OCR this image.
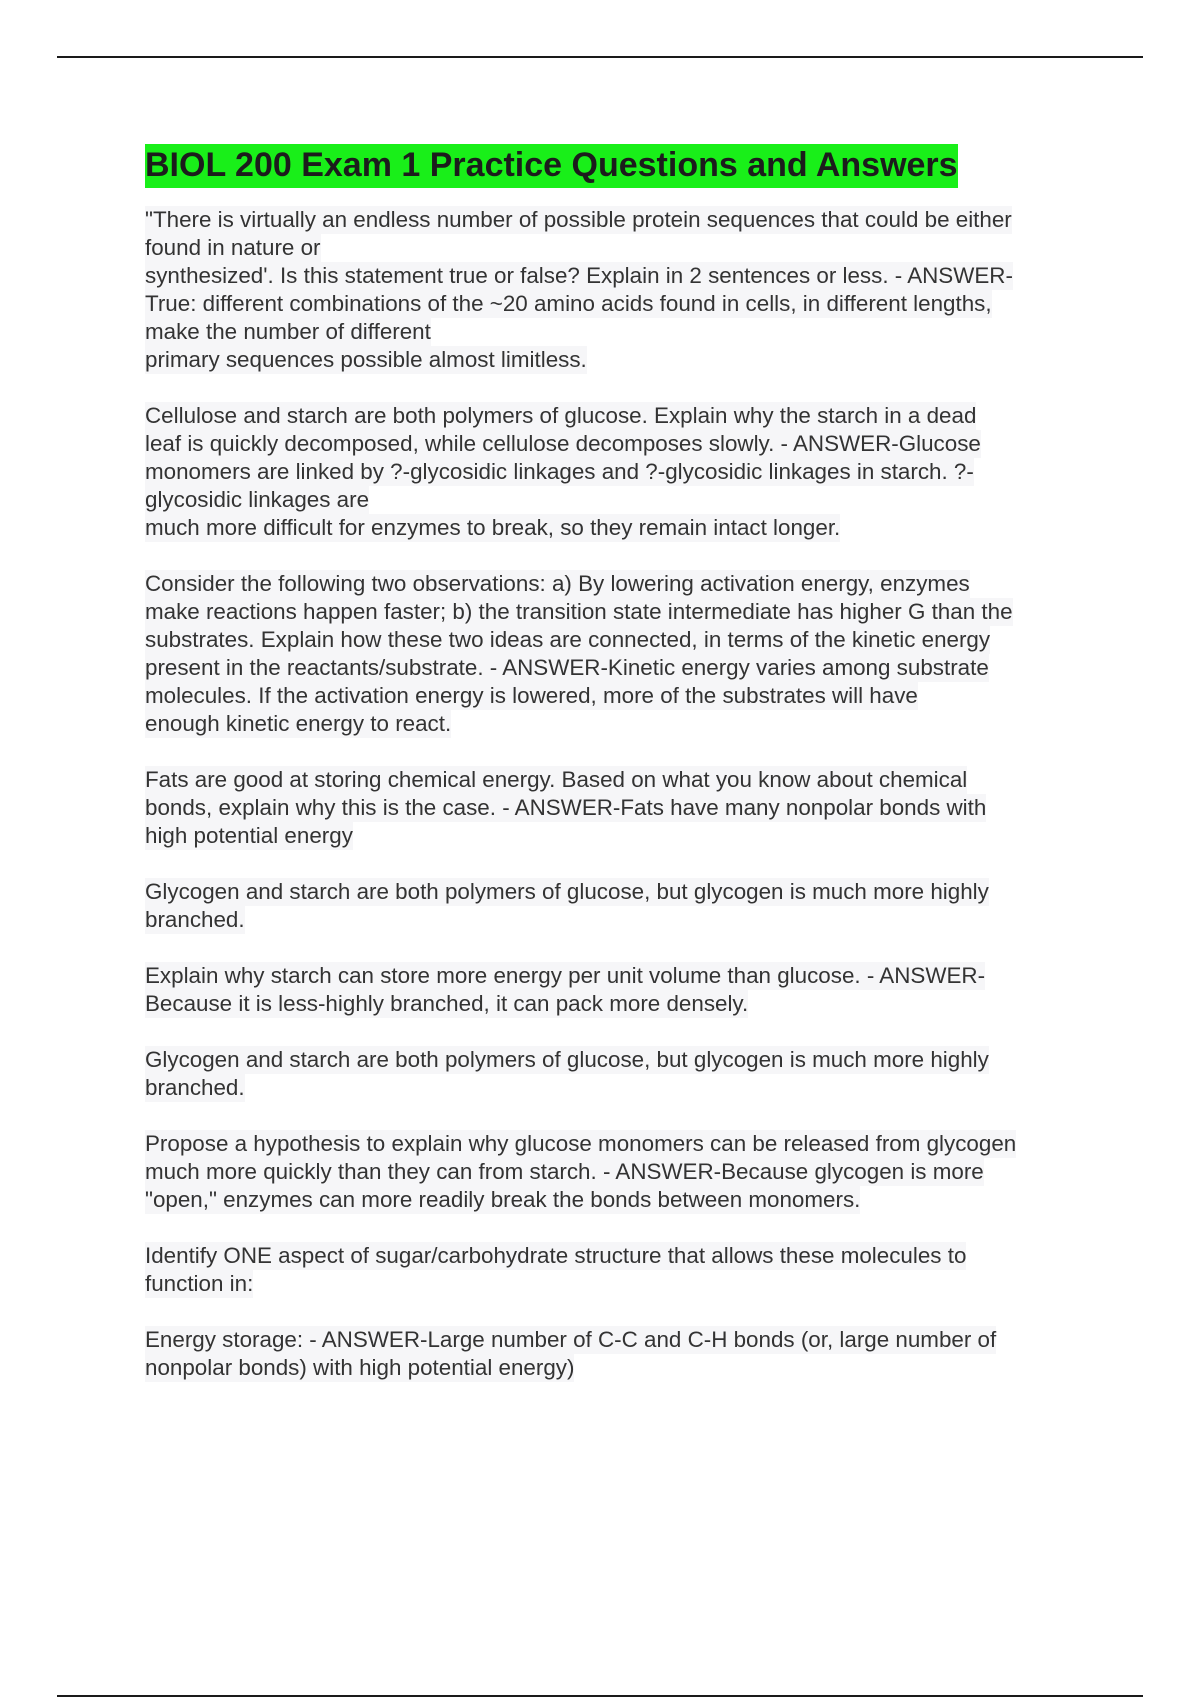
BIOL 200 Exam 1 Practice Questions and Answers

"There is virtually an endless number of possible protein sequences that could be either
found in nature or
synthesized'. Is this statement true or false? Explain in 2 sentences or less. - ANSWER-
True: different combinations of the ~20 amino acids found in cells, in different lengths,
make the number of different
primary sequences possible almost limitless.

Cellulose and starch are both polymers of glucose. Explain why the starch in a dead
leaf is quickly decomposed, while cellulose decomposes slowly. - ANSWER-Glucose
monomers are linked by ?-glycosidic linkages and ?-glycosidic linkages in starch. ?-
glycosidic linkages are
much more difficult for enzymes to break, so they remain intact longer.

Consider the following two observations: a) By lowering activation energy, enzymes
make reactions happen faster; b) the transition state intermediate has higher G than the
substrates. Explain how these two ideas are connected, in terms of the kinetic energy
present in the reactants/substrate. - ANSWER-Kinetic energy varies among substrate
molecules. If the activation energy is lowered, more of the substrates will have
enough kinetic energy to react.

Fats are good at storing chemical energy. Based on what you know about chemical
bonds, explain why this is the case. - ANSWER-Fats have many nonpolar bonds with
high potential energy

Glycogen and starch are both polymers of glucose, but glycogen is much more highly
branched.

Explain why starch can store more energy per unit volume than glucose. - ANSWER-
Because it is less-highly branched, it can pack more densely.

Glycogen and starch are both polymers of glucose, but glycogen is much more highly
branched.

Propose a hypothesis to explain why glucose monomers can be released from glycogen
much more quickly than they can from starch. - ANSWER-Because glycogen is more
"open," enzymes can more readily break the bonds between monomers.

Identify ONE aspect of sugar/carbohydrate structure that allows these molecules to
function in:

Energy storage: - ANSWER-Large number of C-C and C-H bonds (or, large number of
nonpolar bonds) with high potential energy)
